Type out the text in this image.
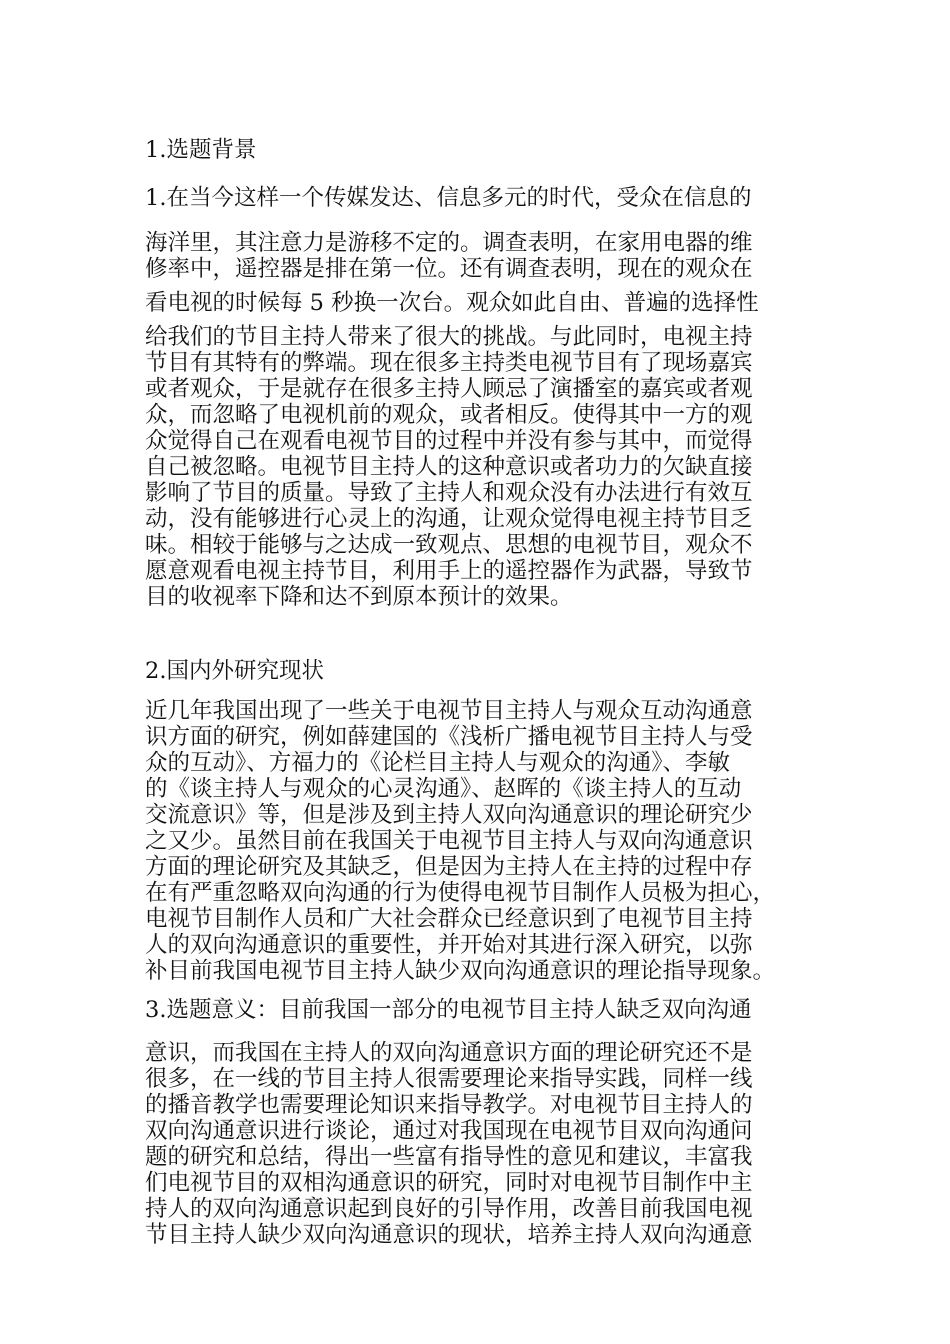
1.选题背景
1.在当今这样一个传媒发达、信息多元的时代，受众在信息的
海洋里，其注意力是游移不定的。调查表明，在家用电器的维
修率中，遥控器是排在第一位。还有调查表明，现在的观众在
看电视的时候每 5 秒换一次台。观众如此自由、普遍的选择性
给我们的节目主持人带来了很大的挑战。与此同时，电视主持
节目有其特有的弊端。现在很多主持类电视节目有了现场嘉宾
或者观众，于是就存在很多主持人顾忌了演播室的嘉宾或者观
众，而忽略了电视机前的观众，或者相反。使得其中一方的观
众觉得自己在观看电视节目的过程中并没有参与其中，而觉得
自己被忽略。电视节目主持人的这种意识或者功力的欠缺直接
影响了节目的质量。导致了主持人和观众没有办法进行有效互
动，没有能够进行心灵上的沟通，让观众觉得电视主持节目乏
味。相较于能够与之达成一致观点、思想的电视节目，观众不
愿意观看电视主持节目，利用手上的遥控器作为武器，导致节
目的收视率下降和达不到原本预计的效果。
2.国内外研究现状
近几年我国出现了一些关于电视节目主持人与观众互动沟通意
识方面的研究，例如薛建国的《浅析广播电视节目主持人与受
众的互动》、方福力的《论栏目主持人与观众的沟通》、李敏
的《谈主持人与观众的心灵沟通》、赵晖的《谈主持人的互动
交流意识》等，但是涉及到主持人双向沟通意识的理论研究少
之又少。虽然目前在我国关于电视节目主持人与双向沟通意识
方面的理论研究及其缺乏，但是因为主持人在主持的过程中存
在有严重忽略双向沟通的行为使得电视节目制作人员极为担心，
电视节目制作人员和广大社会群众已经意识到了电视节目主持
人的双向沟通意识的重要性，并开始对其进行深入研究，以弥
补目前我国电视节目主持人缺少双向沟通意识的理论指导现象。
3.选题意义：目前我国一部分的电视节目主持人缺乏双向沟通
意识，而我国在主持人的双向沟通意识方面的理论研究还不是
很多，在一线的节目主持人很需要理论来指导实践，同样一线
的播音教学也需要理论知识来指导教学。对电视节目主持人的
双向沟通意识进行谈论，通过对我国现在电视节目双向沟通问
题的研究和总结，得出一些富有指导性的意见和建议，丰富我
们电视节目的双相沟通意识的研究，同时对电视节目制作中主
持人的双向沟通意识起到良好的引导作用，改善目前我国电视
节目主持人缺少双向沟通意识的现状，培养主持人双向沟通意
